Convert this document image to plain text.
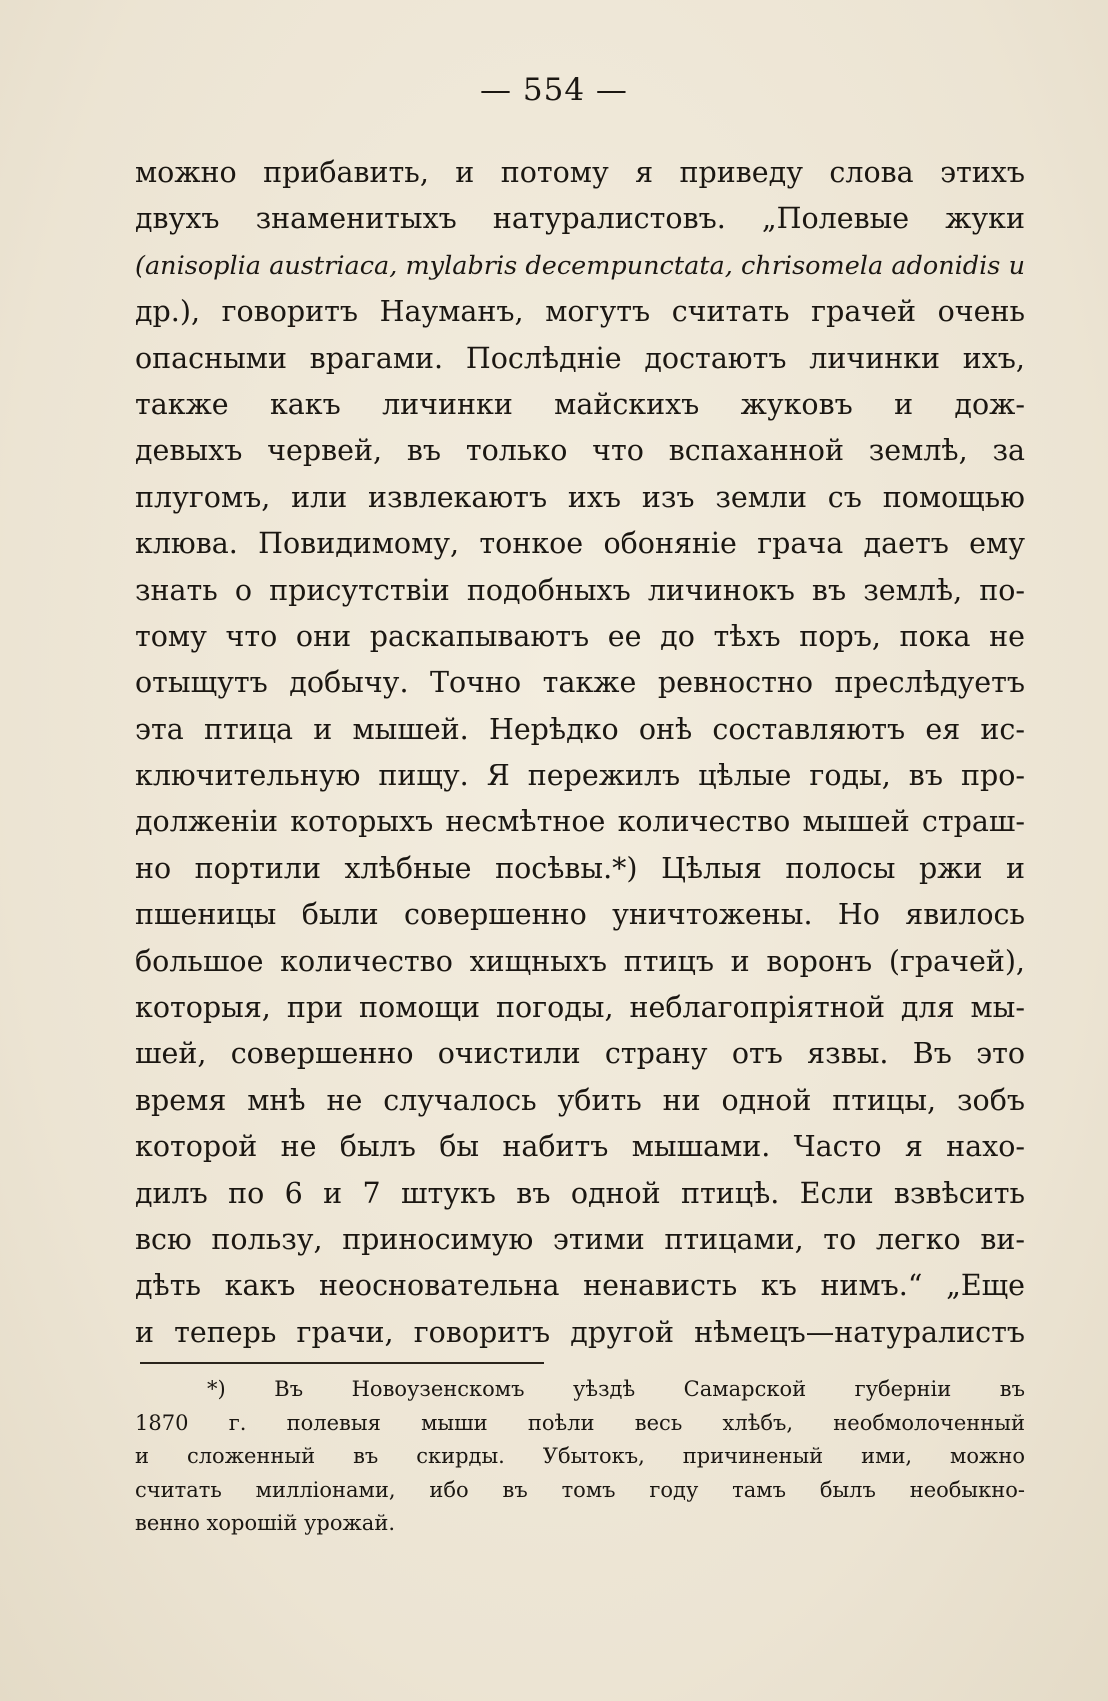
— 554 —
можно прибавить, и потому я приведу слова этихъ
двухъ знаменитыхъ натуралистовъ. „Полевые жуки
(anisoplia austriaca, mylabris decempunctata, chrisomela adonidis и
др.), говоритъ Науманъ, могутъ считать грачей очень
опасными врагами. Послѣдніе достаютъ личинки ихъ,
также какъ личинки майскихъ жуковъ и дож-
девыхъ червей, въ только что вспаханной землѣ, за
плугомъ, или извлекаютъ ихъ изъ земли съ помощью
клюва. Повидимому, тонкое обоняніе грача даетъ ему
знать о присутствіи подобныхъ личинокъ въ землѣ, по-
тому что они раскапываютъ ее до тѣхъ поръ, пока не
отыщутъ добычу. Точно также ревностно преслѣдуетъ
эта птица и мышей. Нерѣдко онѣ составляютъ ея ис-
ключительную пищу. Я пережилъ цѣлые годы, въ про-
долженіи которыхъ несмѣтное количество мышей страш-
но портили хлѣбные посѣвы.*) Цѣлыя полосы ржи и
пшеницы были совершенно уничтожены. Но явилось
большое количество хищныхъ птицъ и воронъ (грачей),
которыя, при помощи погоды, неблагопріятной для мы-
шей, совершенно очистили страну отъ язвы. Въ это
время мнѣ не случалось убить ни одной птицы, зобъ
которой не былъ бы набитъ мышами. Часто я нахо-
дилъ по 6 и 7 штукъ въ одной птицѣ. Если взвѣсить
всю пользу, приносимую этими птицами, то легко ви-
дѣть какъ неосновательна ненависть къ нимъ.“ „Еще
и теперь грачи, говоритъ другой нѣмецъ—натуралистъ
*) Въ Новоузенскомъ уѣздѣ Самарской губерніи въ
1870 г. полевыя мыши поѣли весь хлѣбъ, необмолоченный
и сложенный въ скирды. Убытокъ, причиненый ими, можно
считать милліонами, ибо въ томъ году тамъ былъ необыкно-
венно хорошій урожай.
